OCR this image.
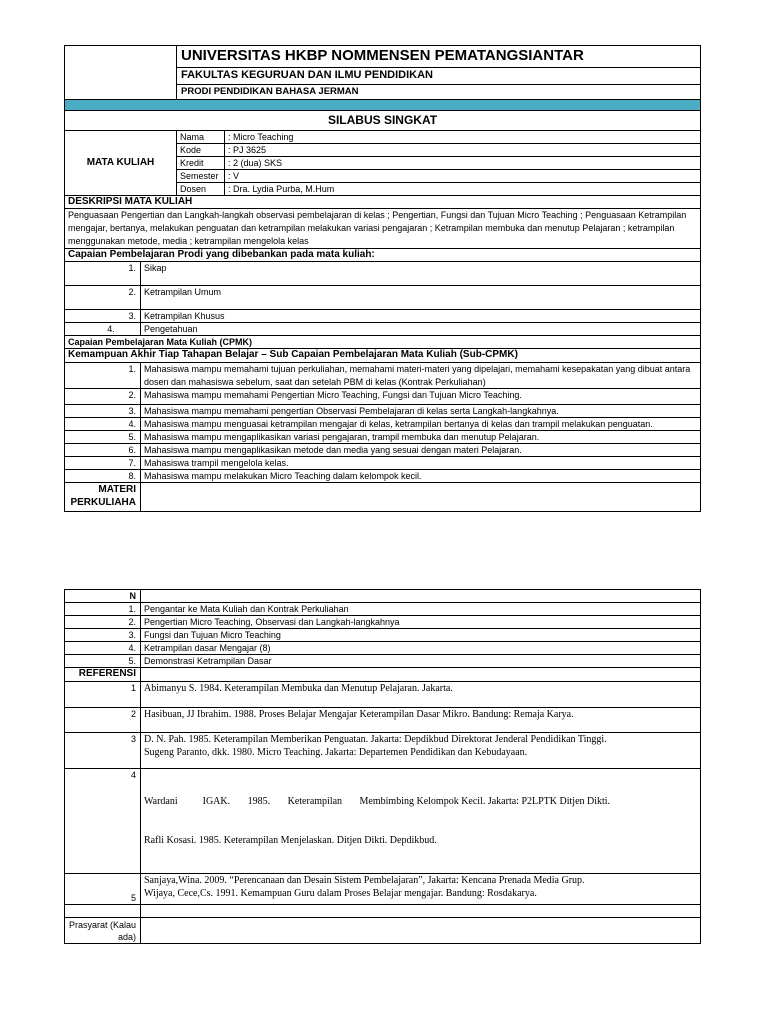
		UNIVERSITAS HKBP NOMMENSEN PEMATANGSIANTAR	
		FAKULTAS KEGURUAN DAN ILMU PENDIDIKAN	
		PRODI PENDIDIKAN BAHASA JERMAN	

SILABUS SINGKAT			
MATA KULIAH		Nama	: Micro Teaching
		Kode	: PJ 3625
		Kredit	: 2 (dua) SKS
		Semester	: V
		Dosen	: Dra. Lydia Purba, M.Hum
DESKRIPSI MATA KULIAH			
Penguasaan Pengertian dan Langkah-langkah observasi pembelajaran di kelas ; Pengertian, Fungsi dan Tujuan Micro Teaching ; Penguasaan Ketrampilan mengajar, bertanya, melakukan penguatan dan ketrampilan melakukan variasi pengajaran ; Ketrampilan membuka dan menutup Pelajaran ; ketrampilan menggunakan metode, media ; ketrampilan mengelola kelas			
Capaian Pembelajaran Prodi yang dibebankan pada mata kuliah:			
1.	Sikap		
2.	Ketrampilan Umum		
3.	Ketrampilan Khusus		
4.	Pengetahuan		
Capaian Pembelajaran Mata Kuliah (CPMK)			
Kemampuan Akhir Tiap Tahapan Belajar – Sub Capaian Pembelajaran Mata Kuliah (Sub-CPMK)			
1.	Mahasiswa mampu memahami tujuan perkuliahan, memahami materi-materi yang dipelajari, memahami kesepakatan yang dibuat antara dosen dan mahasiswa sebelum, saat dan setelah PBM di kelas (Kontrak Perkuliahan)		
2.	Mahasiswa mampu memahami Pengertian Micro Teaching, Fungsi dan Tujuan Micro Teaching.		
3.	Mahasiswa mampu memahami pengertian Observasi Pembelajaran di kelas serta Langkah-langkahnya.		
4.	Mahasiswa mampu menguasai ketrampilan mengajar di kelas, ketrampilan bertanya di kelas dan trampil melakukan penguatan.		
5.	Mahasiswa mampu mengaplikasikan variasi pengajaran, trampil membuka dan menutup Pelajaran.		
6.	Mahasiswa mampu mengaplikasikan metode dan media yang sesuai dengan materi Pelajaran.		
7.	Mahasiswa trampil mengelola kelas.		
8.	Mahasiswa mampu melakukan Micro Teaching dalam kelompok kecil.		
MATERI PERKULIAHA			
N	
1.	Pengantar ke Mata Kuliah dan Kontrak Perkuliahan
2.	Pengertian Micro Teaching, Observasi dan Langkah-langkahnya
3.	Fungsi dan Tujuan Micro Teaching
4.	Ketrampilan dasar Mengajar (8)
5.	Demonstrasi Ketrampilan Dasar
REFERENSI	
1	Abimanyu S. 1984. Keterampilan Membuka dan Menutup Pelajaran. Jakarta.

2	Hasibuan, JJ Ibrahim. 1988. Proses Belajar Mengajar Keterampilan Dasar Mikro. Bandung: Remaja Karya.

3	D. N. Pah. 1985. Keterampilan Memberikan Penguatan. Jakarta: Depdikbud Direktorat Jenderal Pendidikan Tinggi.
Sugeng Paranto, dkk. 1980. Micro Teaching. Jakarta: Departemen Pendidikan dan Kebudayaan.

4	Wardani          IGAK.       1985.       Keterampilan       Membimbing Kelompok Kecil. Jakarta: P2LPTK Ditjen Dikti.

Rafli Kosasi. 1985. Keterampilan Menjelaskan. Ditjen Dikti. Depdikbud.

5	Sanjaya,Wina. 2009. “Perencanaan dan Desain Sistem Pembelajaran”, Jakarta: Kencana Prenada Media Grup.
Wijaya, Cece,Cs. 1991. Kemampuan Guru dalam Proses Belajar mengajar. Bandung: Rosdakarya.

Prasyarat (Kalau ada)	
